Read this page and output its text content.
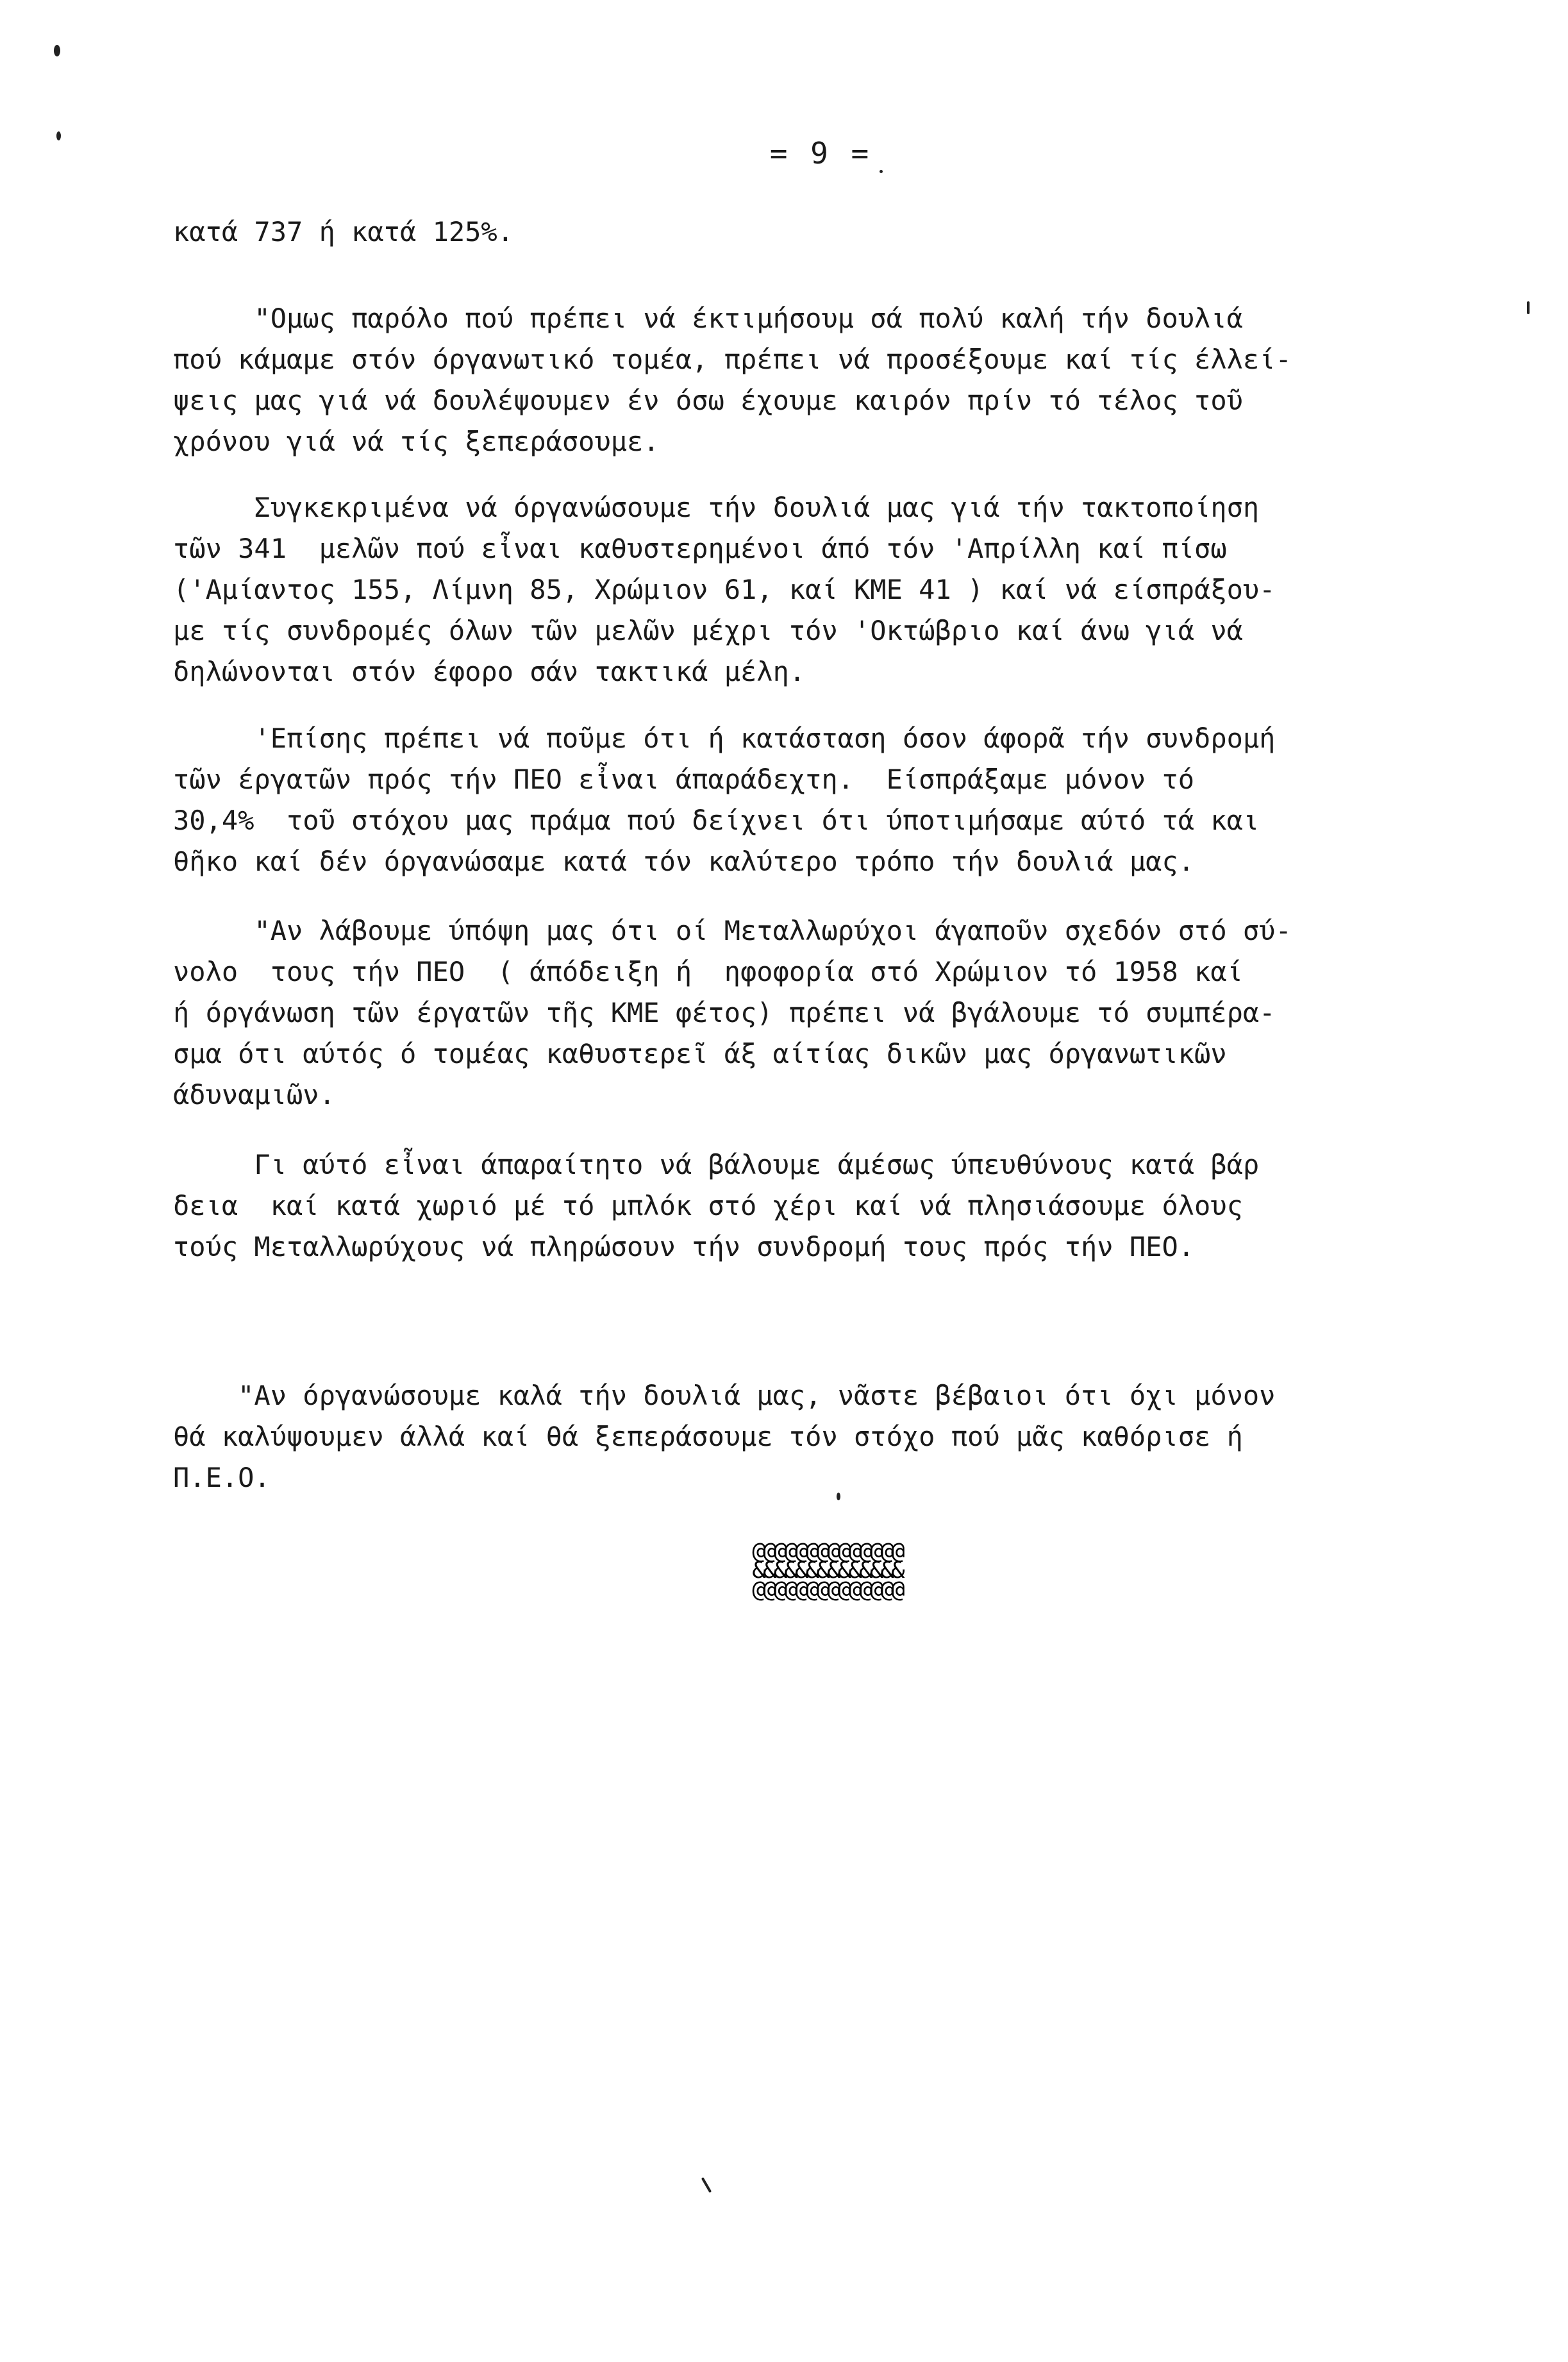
= 9 =
κατά 737 ή κατά 125%.
"Ομως παρόλο πού πρέπει νά έκτιμήσουμ σά πολύ καλή τήν δουλιά
πού κάμαμε στόν όργανωτικό τομέα, πρέπει νά προσέξουμε καί τίς έλλεί-
ψεις μας γιά νά δουλέψουμεν έν όσω έχουμε καιρόν πρίν τό τέλος τοῦ
χρόνου γιά νά τίς ξεπεράσουμε.
Συγκεκριμένα νά όργανώσουμε τήν δουλιά μας γιά τήν τακτοποίηση
τῶν 341  μελῶν πού εἶναι καθυστερημένοι άπό τόν 'Απρίλλη καί πίσω
('Αμίαντος 155, Λίμνη 85, Χρώμιον 61, καί ΚΜΕ 41 ) καί νά είσπράξου-
με τίς συνδρομές όλων τῶν μελῶν μέχρι τόν 'Οκτώβριο καί άνω γιά νά
δηλώνονται στόν έφορο σάν τακτικά μέλη.
'Επίσης πρέπει νά ποῦμε ότι ή κατάσταση όσον άφορᾶ τήν συνδρομή
τῶν έργατῶν πρός τήν ΠΕΟ εἶναι άπαράδεχτη.  Είσπράξαμε μόνον τό
30,4%  τοῦ στόχου μας πράμα πού δείχνει ότι ύποτιμήσαμε αύτό τά και
θῆκο καί δέν όργανώσαμε κατά τόν καλύτερο τρόπο τήν δουλιά μας.
"Αν λάβουμε ύπόψη μας ότι οί Μεταλλωρύχοι άγαποῦν σχεδόν στό σύ-
νολο  τους τήν ΠΕΟ  ( άπόδειξη ή  ηφοφορία στό Χρώμιον τό 1958 καί
ή όργάνωση τῶν έργατῶν τῆς ΚΜΕ φέτος) πρέπει νά βγάλουμε τό συμπέρα-
σμα ότι αύτός ό τομέας καθυστερεῖ άξ αίτίας δικῶν μας όργανωτικῶν
άδυναμιῶν.
Γι αύτό εἶναι άπαραίτητο νά βάλουμε άμέσως ύπευθύνους κατά βάρ
δεια  καί κατά χωριό μέ τό μπλόκ στό χέρι καί νά πλησιάσουμε όλους
τούς Μεταλλωρύχους νά πληρώσουν τήν συνδρομή τους πρός τήν ΠΕΟ.
"Αν όργανώσουμε καλά τήν δουλιά μας, νᾶστε βέβαιοι ότι όχι μόνον
θά καλύψουμεν άλλά καί θά ξεπεράσουμε τόν στόχο πού μᾶς καθόρισε ή
Π.Ε.Ο.
@@@@@@@@@@@@@@
&&&&&&&&&&&&&&
@@@@@@@@@@@@@@
